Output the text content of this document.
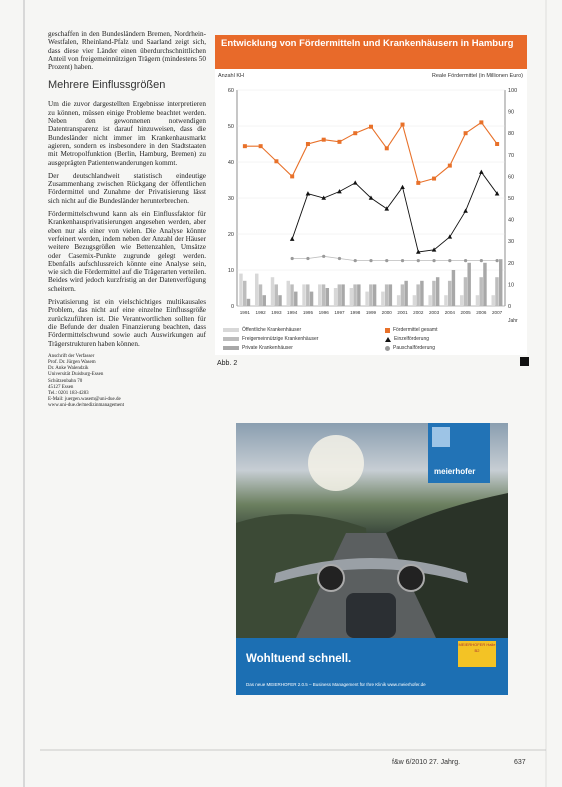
geschaffen in den Bundesländern Bremen, Nordrhein-Westfalen, Rheinland-Pfalz und Saarland zeigt sich, dass diese vier Länder einen überdurchschnittlichen Anteil von freigemeinnützigen Trägern (mindestens 50 Prozent) haben.

Mehrere Einflussgrößen

Um die zuvor dargestellten Ergebnisse interpretieren zu können, müssen einige Probleme beachtet werden. Neben den gewonnenen notwendigen Datentransparenz ist darauf hinzuweisen, dass die Bundesländer nicht immer im Krankenhausmarkt agieren, sondern es insbesondere in den Stadtstaaten mit Metropolfunktion (Berlin, Hamburg, Bremen) zu ausgeprägten Patientenwanderungen kommt.

Der deutschlandweit statistisch eindeutige Zusammenhang zwischen Rückgang der öffentlichen Fördermittel und Zunahme der Privatisierung lässt sich nicht auf die Bundesländer herunterbrechen.

Fördermittelschwund kann als ein Einflussfaktor für Krankenhausprivatisierungen angesehen werden, aber eben nur als einer von vielen. Die Analyse könnte verfeinert werden, indem neben der Anzahl der Häuser weitere Bezugsgrößen wie Bettenzahlen, Umsätze oder Casemix-Punkte zugrunde gelegt werden. Ebenfalls aufschlussreich könnte eine Analyse sein, wie sich die Fördermittel auf die Trägerarten verteilen. Beides wird jedoch kurzfristig an der Datenverfügung scheitern.

Privatisierung ist ein vielschichtiges multikausales Problem, das nicht auf eine einzelne Einflussgröße zurückzuführen ist. Die Verantwortlichen sollten für die Befunde der dualen Finanzierung beachten, dass Fördermittelschwund sowie auch Auswirkungen auf Trägerstrukturen haben können.

Anschrift der Verfasser
Prof. Dr. Jürgen Wasem
Dr. Anke Walendzik
Universität Duisburg-Essen
Schützenbahn 70
45127 Essen
Tel.: 0201 183-4283
E-Mail: juergen.wasem@uni-due.de
www.uni-due.de/medizinmanagement
Entwicklung von Fördermitteln und Krankenhäusern in Hamburg
Anzahl KH	Reale Fördermittel (in Millionen Euro)
60
50
40
30
20
10
0
100
90
80
70
60
50
40
30
20
10
0
1991 1992 1993 1994 1995 1996 1997 1998 1999 2000 2001 2002 2003 2004 2005 2006 2007
Jahr
Öffentliche Krankenhäuser
Freigemeinnützige Krankenhäuser
Private Krankenhäuser
Fördermittel gesamt
Einzelförderung
Pauschalförderung
Abb. 2
meierhofer
Wohltuend schnell.
Das neue MEIERHOFER 2.0.5 – Business Management für Ihre Klinik www.meierhofer.de
MEIERHOFER Halle B2
f&w 6/2010 27. Jahrg.	637
